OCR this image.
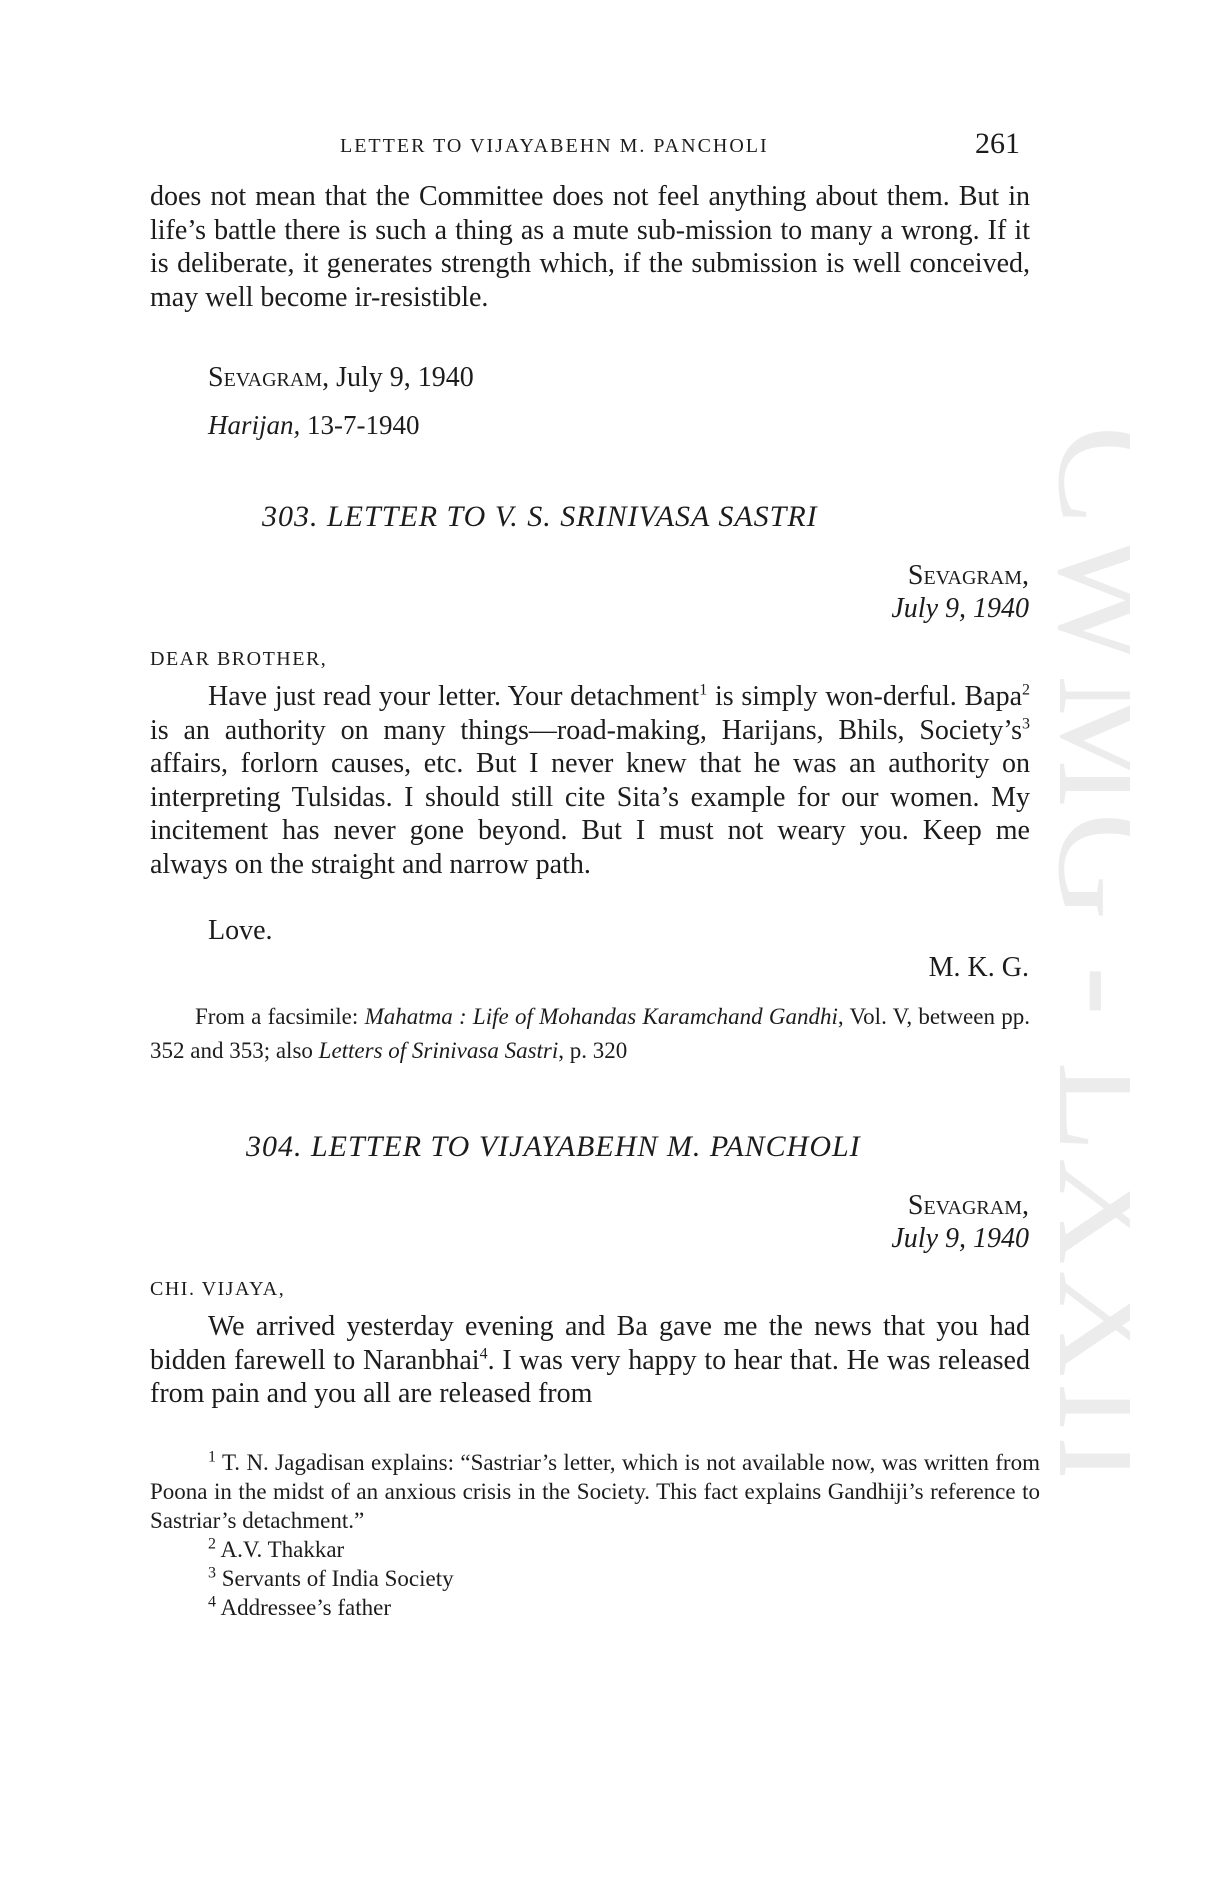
CWMG LXXII
LETTER TO VIJAYABEHN M. PANCHOLI	261
does not mean that the Committee does not feel anything about them. But in life’s battle there is such a thing as a mute sub-mission to many a wrong. If it is deliberate, it generates strength which, if the submission is well conceived, may well become ir-resistible.
Sevagram, July 9, 1940
Harijan, 13-7-1940
303. LETTER TO V. S. SRINIVASA SASTRI
Sevagram,
July 9, 1940
DEAR BROTHER,
Have just read your letter. Your detachment$^1$ is simply won-derful. Bapa$^2$ is an authority on many things—road-making, Harijans, Bhils, $Society’s^3$ affairs, forlorn causes, etc. But I never knew that he was an authority on interpreting Tulsidas. I should still cite Sita’s example for our women. My incitement has never gone beyond. But I must not weary you. Keep me always on the straight and narrow path.
Love.
M. K. G.
From a facsimile: Mahatma : Life of Mohandas Karamchand Gandhi, Vol. V, between pp. 352 and 353; also Letters of Srinivasa Sastri, p. 320
304. LETTER TO VIJAYABEHN M. PANCHOLI
Sevagram,
July 9, 1940
CHI. VIJAYA,
We arrived yesterday evening and Ba gave me the news that you had bidden farewell to Naranbhai$^4$. I was very happy to hear that. He was released from pain and you all are released from
$^1$ T. N. Jagadisan explains: “Sastriar’s letter, which is not available now, was written from Poona in the midst of an anxious crisis in the Society. This fact explains Gandhiji’s reference to Sastriar’s detachment.”
$^2$ A.V. Thakkar
$^3$ Servants of India Society
$^4$ Addressee’s father
